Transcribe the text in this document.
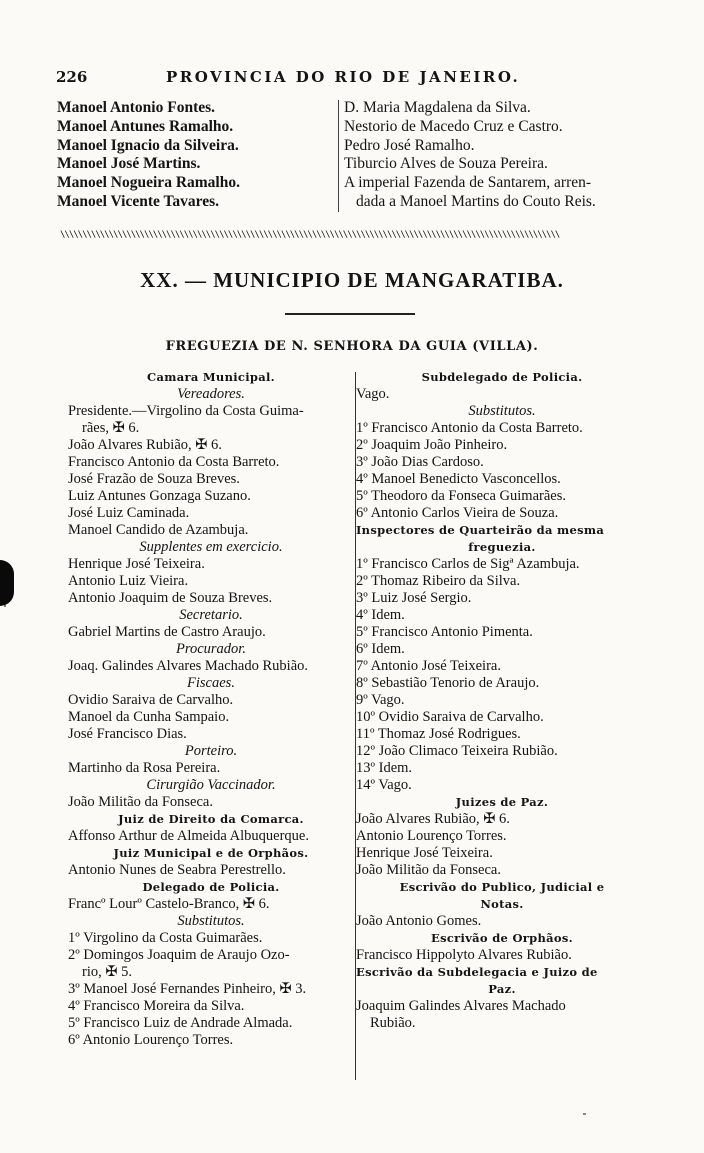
226	PROVINCIA DO RIO DE JANEIRO.
Manoel Antonio Fontes.
Manoel Antunes Ramalho.
Manoel Ignacio da Silveira.
Manoel José Martins.
Manoel Nogueira Ramalho.
Manoel Vicente Tavares.
D. Maria Magdalena da Silva.
Nestorio de Macedo Cruz e Castro.
Pedro José Ramalho.
Tiburcio Alves de Souza Pereira.
A imperial Fazenda de Santarem, arren-
dada a Manoel Martins do Couto Reis.
\\\\\\\\\\\\\\\\\\\\\\\\\\\\\\\\\\\\\\\\\\\\\\\\\\\\\\\\\\\\\\\\\\\\\\\\\\\\\\\\\\\\\\\\\\\\\\\\\\\\\\\\\\\\\\\\\
XX. — MUNICIPIO DE MANGARATIBA.
FREGUEZIA DE N. SENHORA DA GUIA (VILLA).
Camara Municipal.
Vereadores.
Presidente.—Virgolino da Costa Guima-
rães, ✠ 6.
João Alvares Rubião, ✠ 6.
Francisco Antonio da Costa Barreto.
José Frazão de Souza Breves.
Luiz Antunes Gonzaga Suzano.
José Luiz Caminada.
Manoel Candido de Azambuja.
Supplentes em exercicio.
Henrique José Teixeira.
Antonio Luiz Vieira.
Antonio Joaquim de Souza Breves.
Secretario.
Gabriel Martins de Castro Araujo.
Procurador.
Joaq. Galindes Alvares Machado Rubião.
Fiscaes.
Ovidio Saraiva de Carvalho.
Manoel da Cunha Sampaio.
José Francisco Dias.
Porteiro.
Martinho da Rosa Pereira.
Cirurgião Vaccinador.
João Militão da Fonseca.
Juiz de Direito da Comarca.
Affonso Arthur de Almeida Albuquerque.
Juiz Municipal e de Orphãos.
Antonio Nunes de Seabra Perestrello.
Delegado de Policia.
Francº Lourº Castelo-Branco, ✠ 6.
Substitutos.
1º Virgolino da Costa Guimarães.
2º Domingos Joaquim de Araujo Ozo-
rio, ✠ 5.
3º Manoel José Fernandes Pinheiro, ✠ 3.
4º Francisco Moreira da Silva.
5º Francisco Luiz de Andrade Almada.
6º Antonio Lourenço Torres.
Subdelegado de Policia.
Vago.
Substitutos.
1º Francisco Antonio da Costa Barreto.
2º Joaquim João Pinheiro.
3º João Dias Cardoso.
4º Manoel Benedicto Vasconcellos.
5º Theodoro da Fonseca Guimarães.
6º Antonio Carlos Vieira de Souza.
Inspectores de Quarteirão da mesma
freguezia.
1º Francisco Carlos de Sigª Azambuja.
2º Thomaz Ribeiro da Silva.
3º Luiz José Sergio.
4º Idem.
5º Francisco Antonio Pimenta.
6º Idem.
7º Antonio José Teixeira.
8º Sebastião Tenorio de Araujo.
9º Vago.
10º Ovidio Saraiva de Carvalho.
11º Thomaz José Rodrigues.
12º João Climaco Teixeira Rubião.
13º Idem.
14º Vago.
Juizes de Paz.
João Alvares Rubião, ✠ 6.
Antonio Lourenço Torres.
Henrique José Teixeira.
João Militão da Fonseca.
Escrivão do Publico, Judicial e
Notas.
João Antonio Gomes.
Escrivão de Orphãos.
Francisco Hippolyto Alvares Rubião.
Escrivão da Subdelegacia e Juizo de
Paz.
Joaquim Galindes Alvares Machado
Rubião.
